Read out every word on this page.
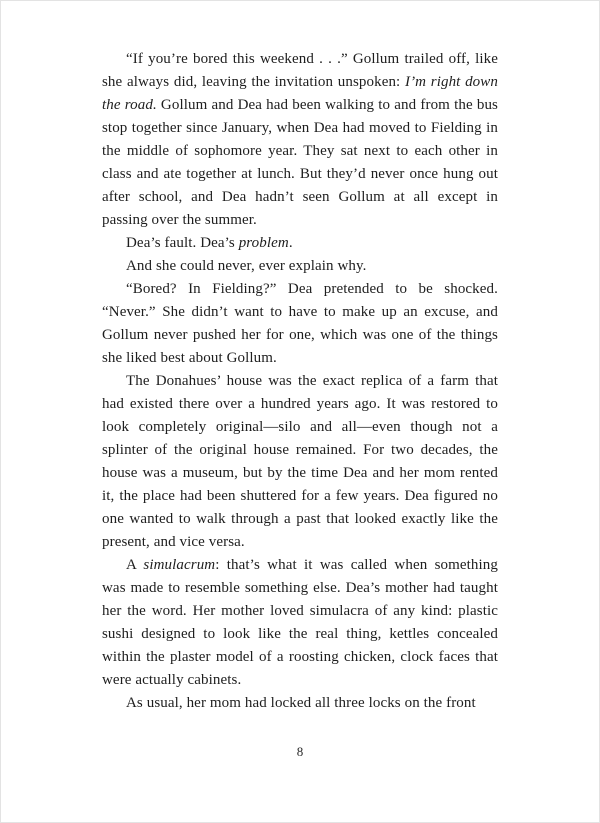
“If you’re bored this weekend . . .” Gollum trailed off, like she always did, leaving the invitation unspoken: I’m right down the road. Gollum and Dea had been walking to and from the bus stop together since January, when Dea had moved to Fielding in the middle of sophomore year. They sat next to each other in class and ate together at lunch. But they’d never once hung out after school, and Dea hadn’t seen Gollum at all except in passing over the summer.

Dea’s fault. Dea’s problem.

And she could never, ever explain why.

“Bored? In Fielding?” Dea pretended to be shocked. “Never.” She didn’t want to have to make up an excuse, and Gollum never pushed her for one, which was one of the things she liked best about Gollum.

The Donahues’ house was the exact replica of a farm that had existed there over a hundred years ago. It was restored to look completely original—silo and all—even though not a splinter of the original house remained. For two decades, the house was a museum, but by the time Dea and her mom rented it, the place had been shuttered for a few years. Dea figured no one wanted to walk through a past that looked exactly like the present, and vice versa.

A simulacrum: that’s what it was called when something was made to resemble something else. Dea’s mother had taught her the word. Her mother loved simulacra of any kind: plastic sushi designed to look like the real thing, kettles concealed within the plaster model of a roosting chicken, clock faces that were actually cabinets.

As usual, her mom had locked all three locks on the front

8
